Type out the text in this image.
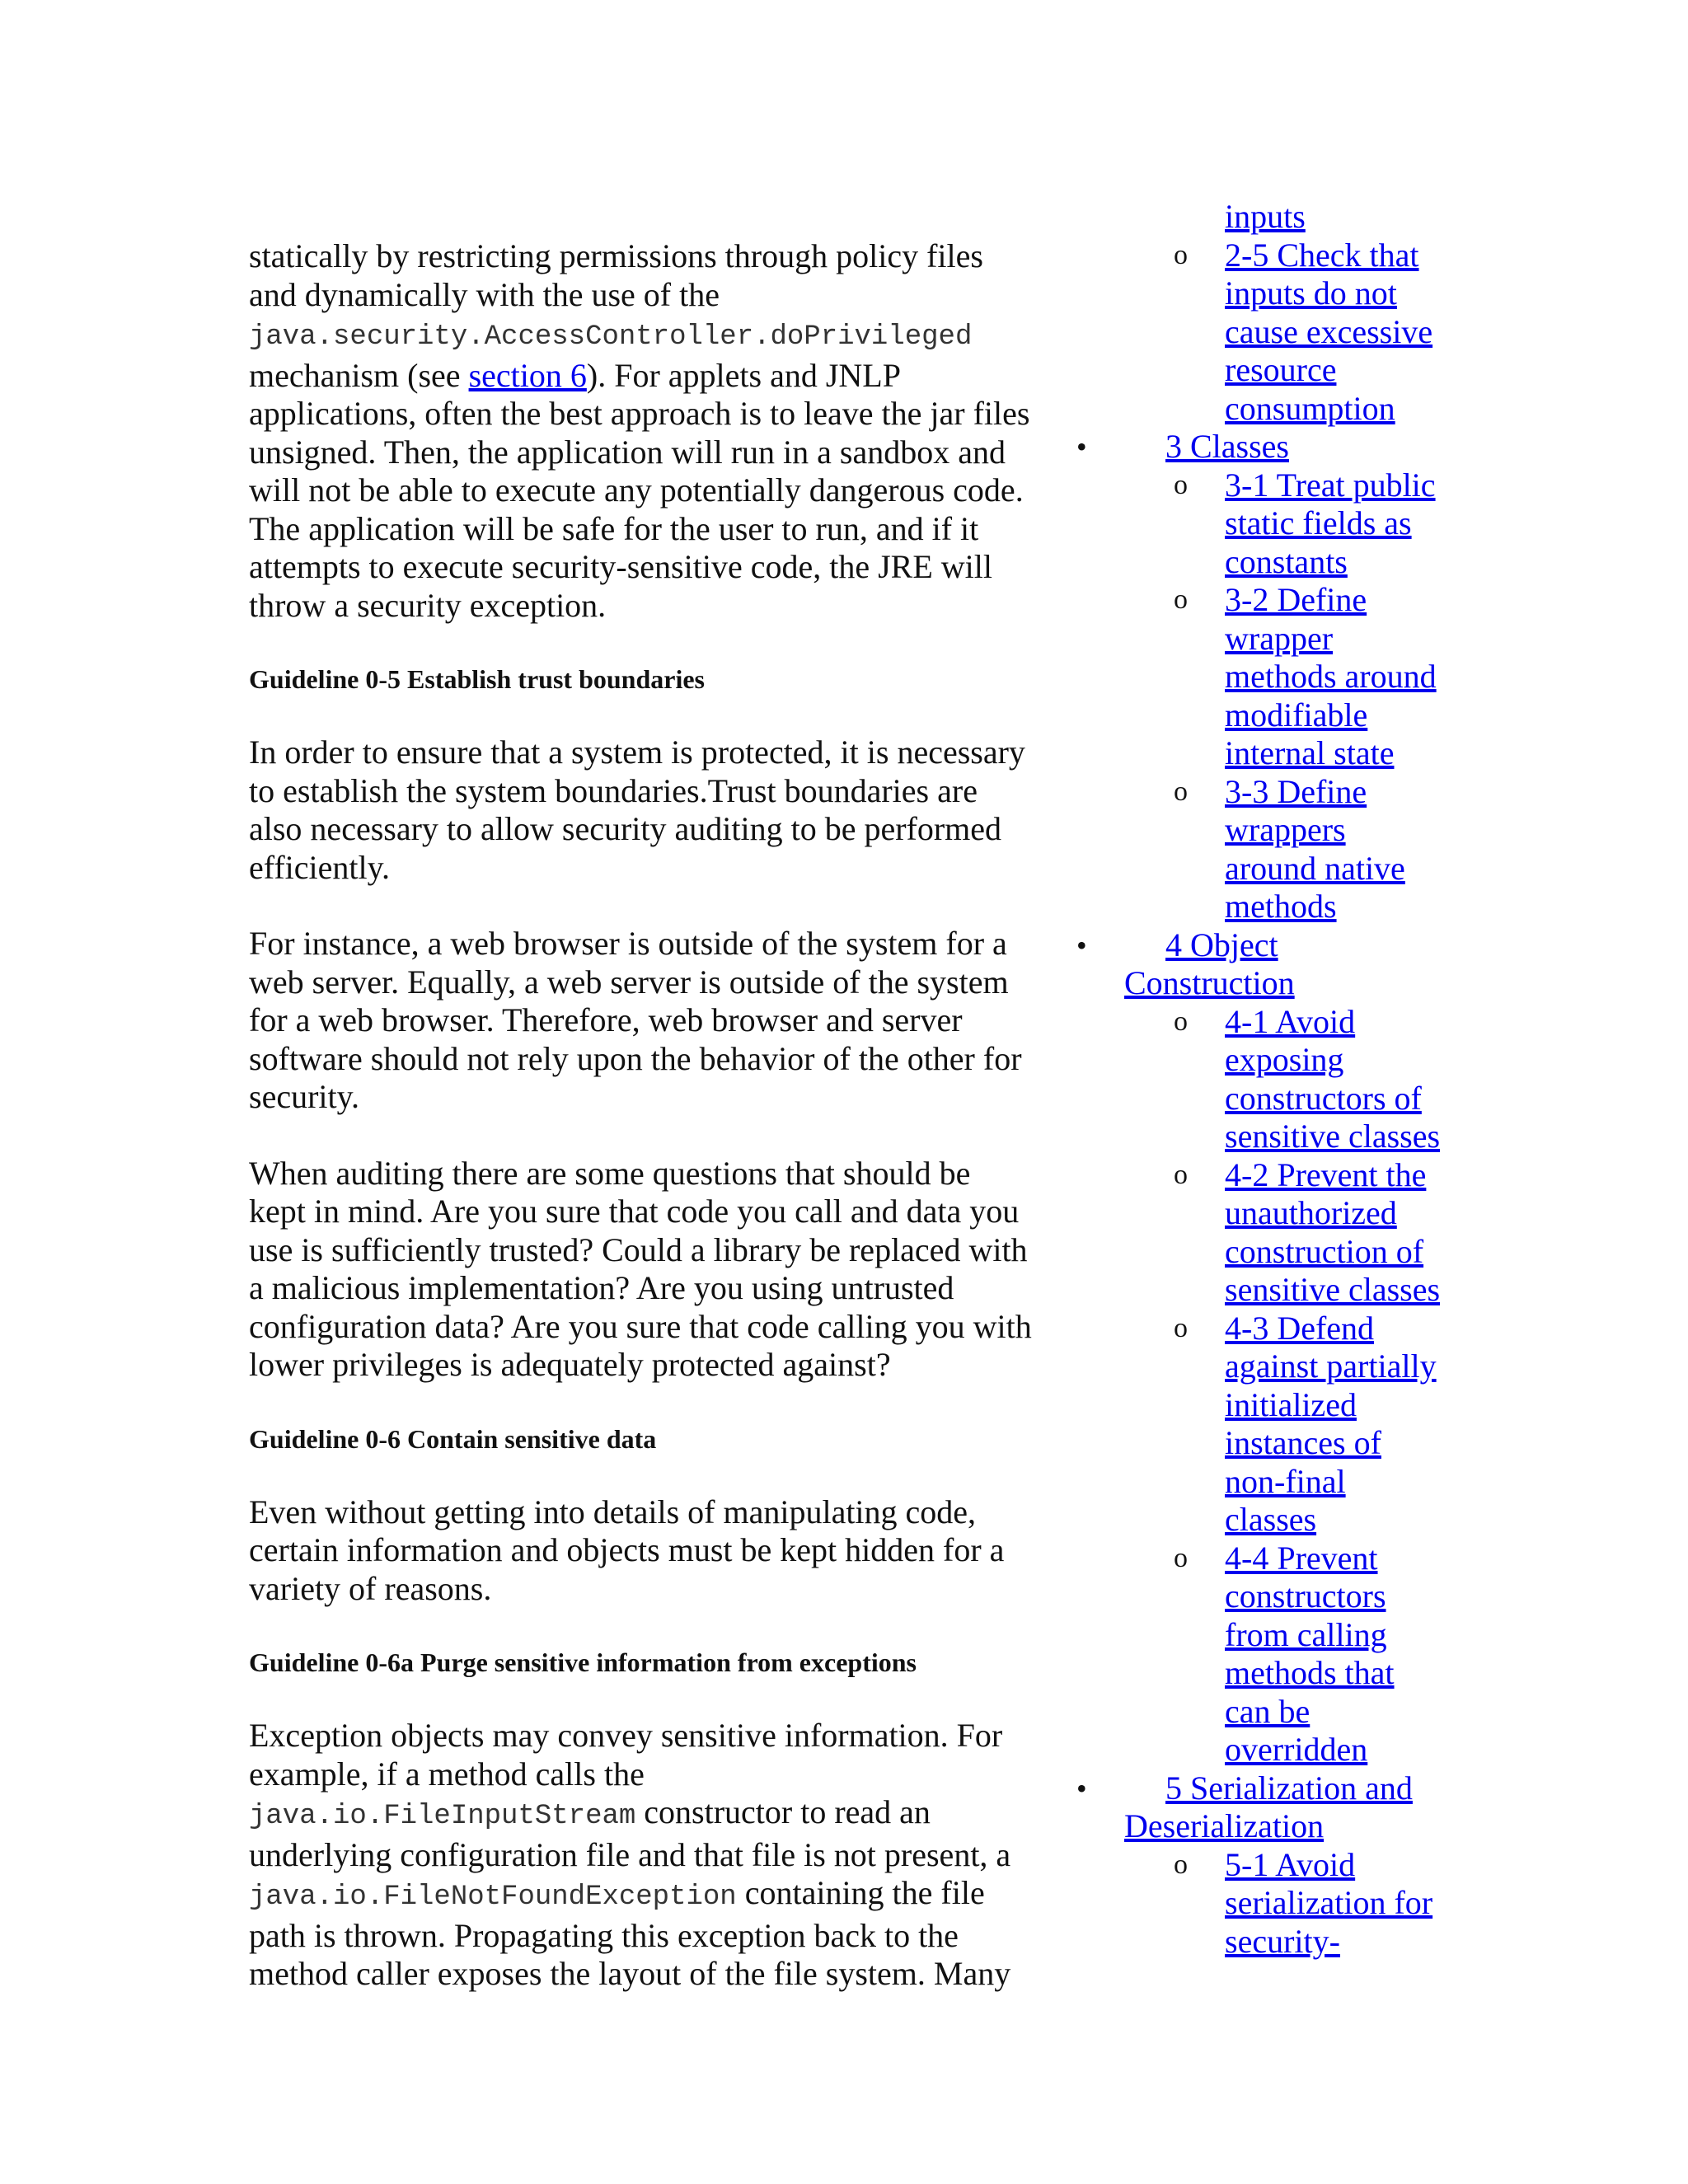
statically by restricting permissions through policy files and dynamically with the use of the java.security.AccessController.doPrivileged mechanism (see section 6). For applets and JNLP applications, often the best approach is to leave the jar files unsigned. Then, the application will run in a sandbox and will not be able to execute any potentially dangerous code. The application will be safe for the user to run, and if it attempts to execute security-sensitive code, the JRE will throw a security exception.

Guideline 0-5 Establish trust boundaries

In order to ensure that a system is protected, it is necessary to establish the system boundaries.Trust boundaries are also necessary to allow security auditing to be performed efficiently.

For instance, a web browser is outside of the system for a web server. Equally, a web server is outside of the system for a web browser. Therefore, web browser and server software should not rely upon the behavior of the other for security.

When auditing there are some questions that should be kept in mind. Are you sure that code you call and data you use is sufficiently trusted? Could a library be replaced with a malicious implementation? Are you using untrusted configuration data? Are you sure that code calling you with lower privileges is adequately protected against?

Guideline 0-6 Contain sensitive data

Even without getting into details of manipulating code, certain information and objects must be kept hidden for a variety of reasons.

Guideline 0-6a Purge sensitive information from exceptions

Exception objects may convey sensitive information. For example, if a method calls the java.io.FileInputStream constructor to read an underlying configuration file and that file is not present, a java.io.FileNotFoundException containing the file path is thrown. Propagating this exception back to the method caller exposes the layout of the file system. Many

inputs
o 2-5 Check that
inputs do not
cause excessive
resource
consumption
• 3 Classes
o 3-1 Treat public
static fields as
constants
o 3-2 Define
wrapper
methods around
modifiable
internal state
o 3-3 Define
wrappers
around native
methods
• 4 Object
Construction
o 4-1 Avoid
exposing
constructors of
sensitive classes
o 4-2 Prevent the
unauthorized
construction of
sensitive classes
o 4-3 Defend
against partially
initialized
instances of
non-final
classes
o 4-4 Prevent
constructors
from calling
methods that
can be
overridden
• 5 Serialization and
Deserialization
o 5-1 Avoid
serialization for
security-
